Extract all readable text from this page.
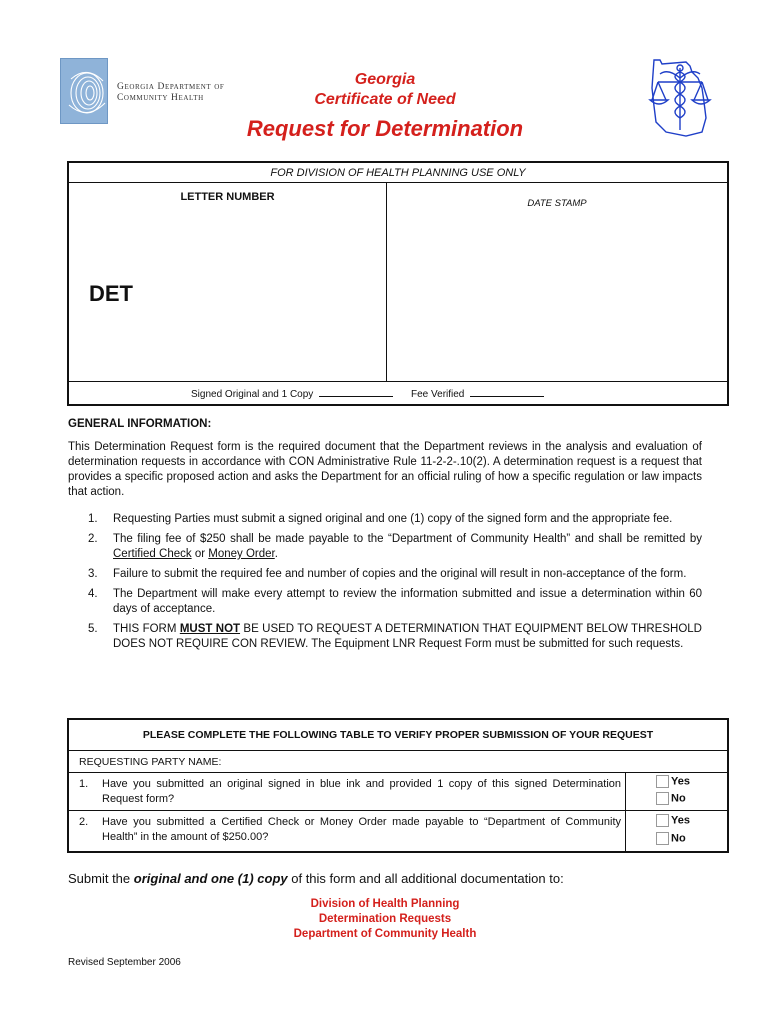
Georgia Department of
Community Health
Georgia
Certificate of Need
Request for Determination
FOR DIVISION OF HEALTH PLANNING USE ONLY
LETTER NUMBER
DET
DATE STAMP
Signed Original and 1 Copy	Fee Verified
GENERAL INFORMATION:
This Determination Request form is the required document that the Department reviews in the analysis and evaluation of determination requests in accordance with CON Administrative Rule 11-2-2-.10(2). A determination request is a request that provides a specific proposed action and asks the Department for an official ruling of how a specific regulation or law impacts that action.
1. Requesting Parties must submit a signed original and one (1) copy of the signed form and the appropriate fee.
2. The filing fee of $250 shall be made payable to the “Department of Community Health” and shall be remitted by Certified Check or Money Order.
3. Failure to submit the required fee and number of copies and the original will result in non-acceptance of the form.
4. The Department will make every attempt to review the information submitted and issue a determination within 60 days of acceptance.
5. THIS FORM MUST NOT BE USED TO REQUEST A DETERMINATION THAT EQUIPMENT BELOW THRESHOLD DOES NOT REQUIRE CON REVIEW. The Equipment LNR Request Form must be submitted for such requests.
PLEASE COMPLETE THE FOLLOWING TABLE TO VERIFY PROPER SUBMISSION OF YOUR REQUEST
REQUESTING PARTY NAME:
1. Have you submitted an original signed in blue ink and provided 1 copy of this signed Determination Request form?
Yes
No
2. Have you submitted a Certified Check or Money Order made payable to “Department of Community Health” in the amount of $250.00?
Yes
No
Submit the original and one (1) copy of this form and all additional documentation to:
Division of Health Planning
Determination Requests
Department of Community Health
Revised September 2006
